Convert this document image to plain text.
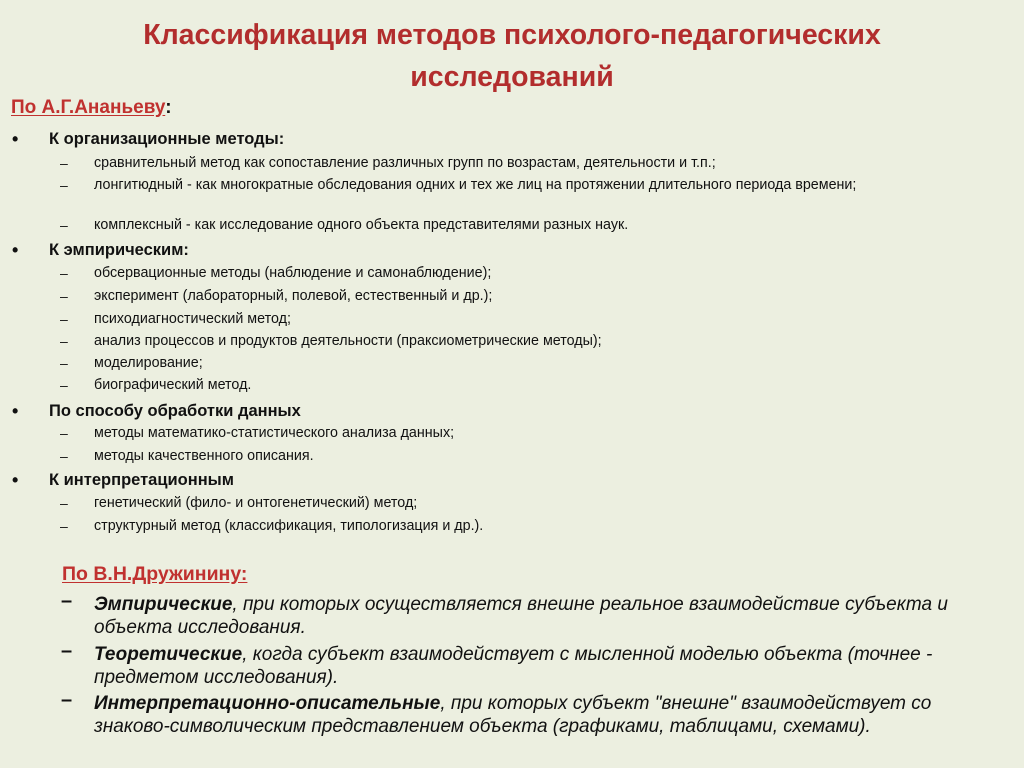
Классификация методов психолого-педагогических
исследований
По А.Г.Ананьеву:
• К организационные методы:
– сравнительный метод как сопоставление различных групп по возрастам, деятельности и т.п.;
– лонгитюдный - как многократные обследования одних и тех же лиц на протяжении длительного периода времени;
– комплексный - как исследование одного объекта представителями разных наук.
• К эмпирическим:
– обсервационные методы (наблюдение и самонаблюдение);
– эксперимент (лабораторный, полевой, естественный и др.);
– психодиагностический метод;
– анализ процессов и продуктов деятельности (праксиометрические методы);
– моделирование;
– биографический метод.
• По способу обработки данных
– методы математико-статистического анализа данных;
– методы качественного описания.
• К интерпретационным
– генетический (фило- и онтогенетический) метод;
– структурный метод (классификация, типологизация и др.).
По В.Н.Дружинину:
– Эмпирические, при которых осуществляется внешне реальное взаимодействие субъекта и объекта исследования.
– Теоретические, когда субъект взаимодействует с мысленной моделью объекта (точнее - предметом исследования).
– Интерпретационно-описательные, при которых субъект "внешне" взаимодействует со знаково-символическим представлением объекта (графиками, таблицами, схемами).
